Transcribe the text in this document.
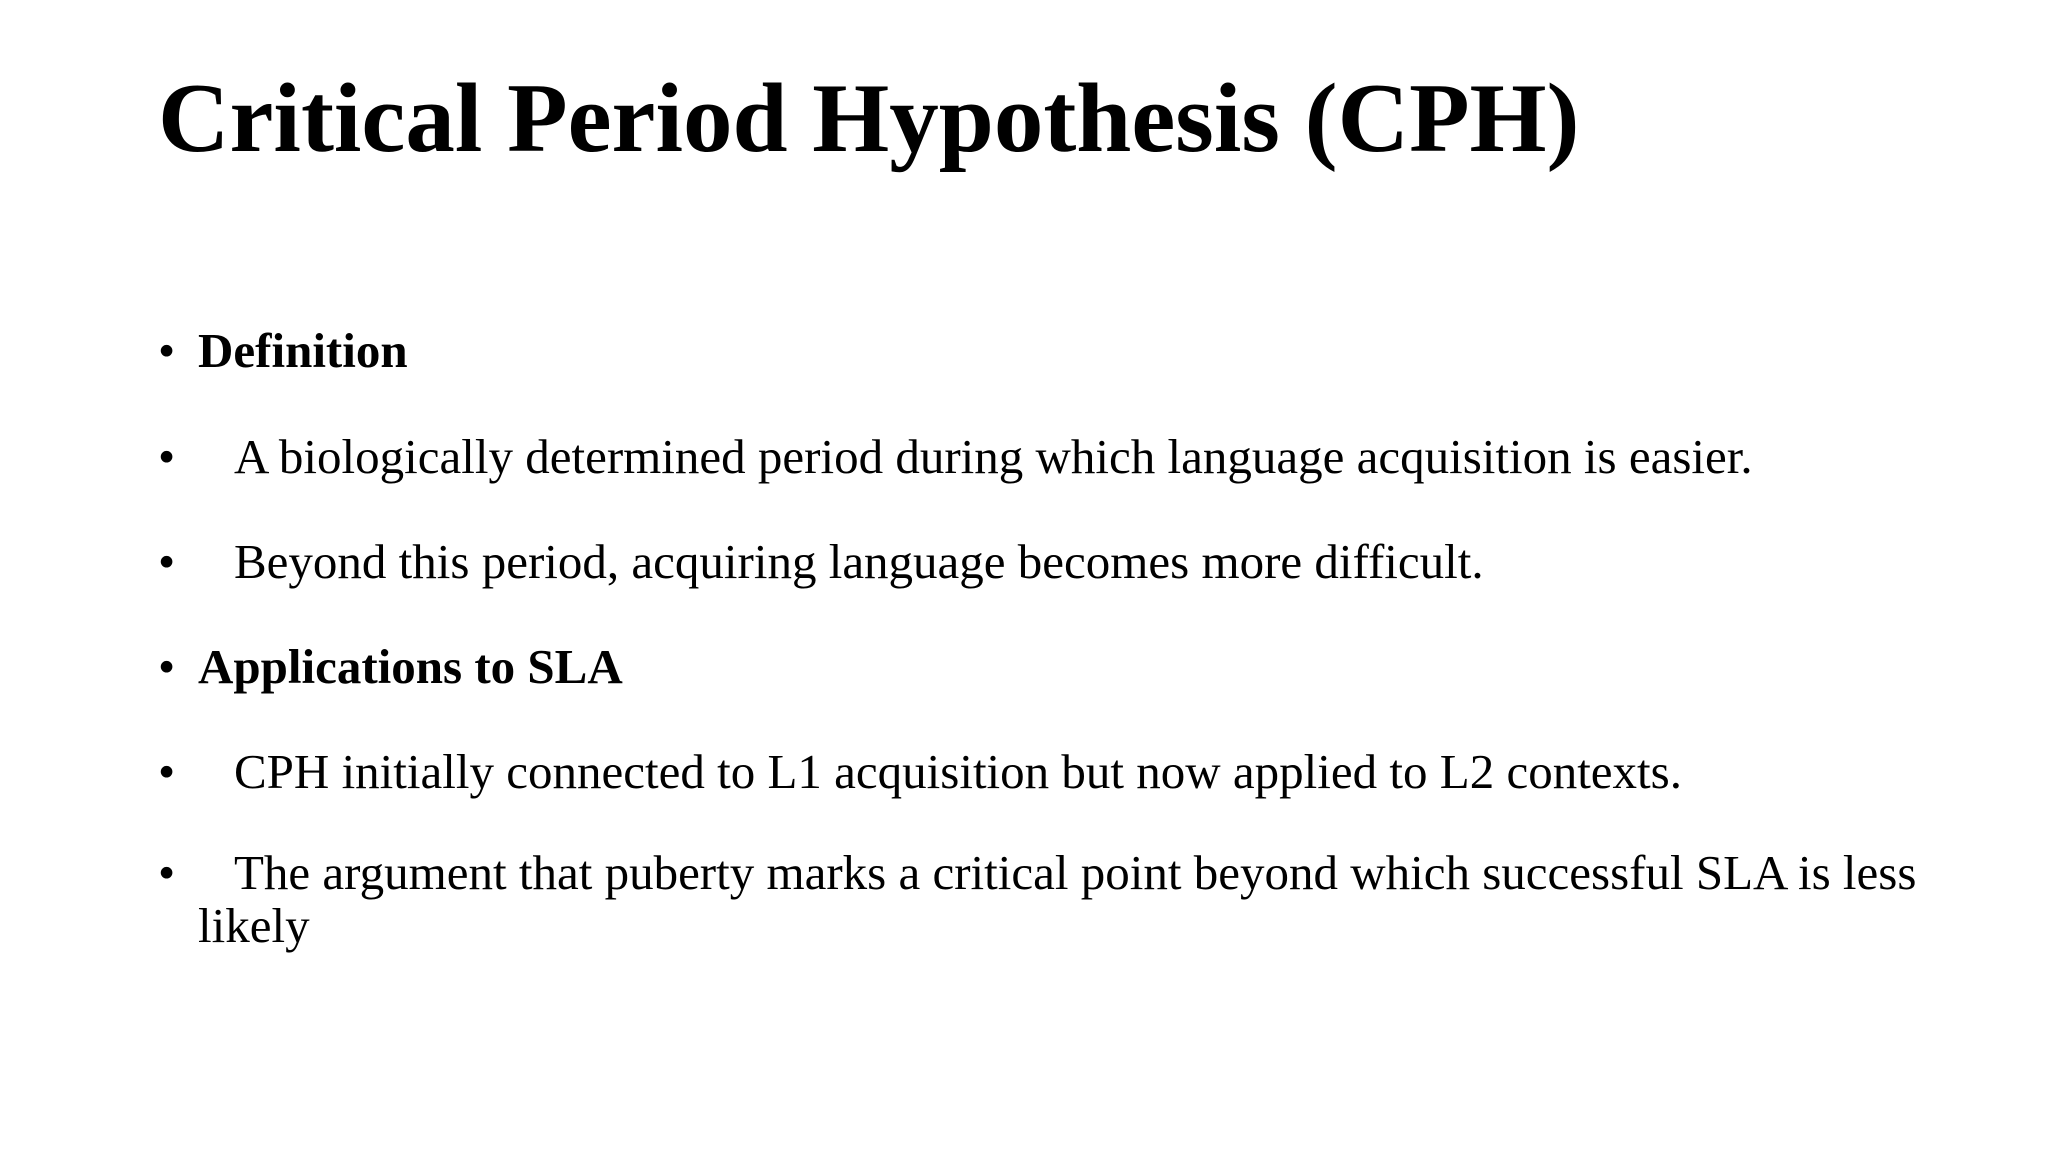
Critical Period Hypothesis (CPH)
• Definition
•	A biologically determined period during which language acquisition is easier.
•	Beyond this period, acquiring language becomes more difficult.
• Applications to SLA
•	CPH initially connected to L1 acquisition but now applied to L2 contexts.
•	The argument that puberty marks a critical point beyond which successful SLA is less likely
